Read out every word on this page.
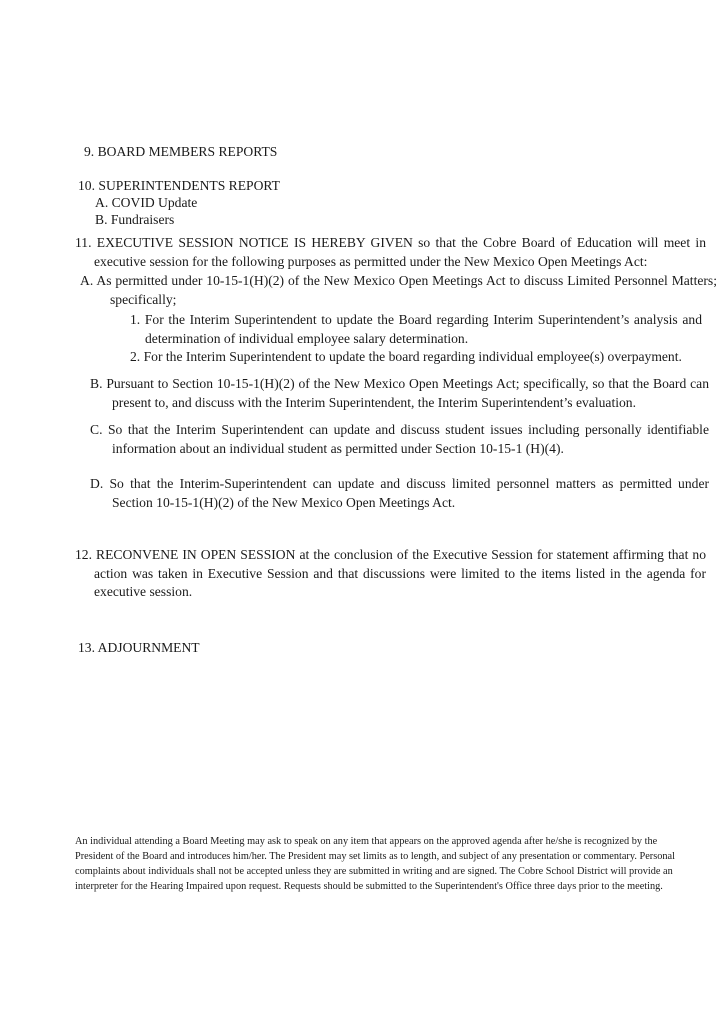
9. BOARD MEMBERS REPORTS
10. SUPERINTENDENTS REPORT
A. COVID Update
B. Fundraisers
11. EXECUTIVE SESSION NOTICE IS HEREBY GIVEN so that the Cobre Board of Education will meet in executive session for the following purposes as permitted under the New Mexico Open Meetings Act:
A. As permitted under 10-15-1(H)(2) of the New Mexico Open Meetings Act to discuss Limited Personnel Matters; specifically;
1. For the Interim Superintendent to update the Board regarding Interim Superintendent’s analysis and determination of individual employee salary determination.
2. For the Interim Superintendent to update the board regarding individual employee(s) overpayment.
B. Pursuant to Section 10-15-1(H)(2) of the New Mexico Open Meetings Act; specifically, so that the Board can present to, and discuss with the Interim Superintendent, the Interim Superintendent’s evaluation.
C. So that the Interim Superintendent can update and discuss student issues including personally identifiable information about an individual student as permitted under Section 10-15-1 (H)(4).
D. So that the Interim-Superintendent can update and discuss limited personnel matters as permitted under Section 10-15-1(H)(2) of the New Mexico Open Meetings Act.
12. RECONVENE IN OPEN SESSION at the conclusion of the Executive Session for statement affirming that no action was taken in Executive Session and that discussions were limited to the items listed in the agenda for executive session.
13. ADJOURNMENT
An individual attending a Board Meeting may ask to speak on any item that appears on the approved agenda after he/she is recognized by the President of the Board and introduces him/her. The President may set limits as to length, and subject of any presentation or commentary. Personal complaints about individuals shall not be accepted unless they are submitted in writing and are signed. The Cobre School District will provide an interpreter for the Hearing Impaired upon request. Requests should be submitted to the Superintendent's Office three days prior to the meeting.
